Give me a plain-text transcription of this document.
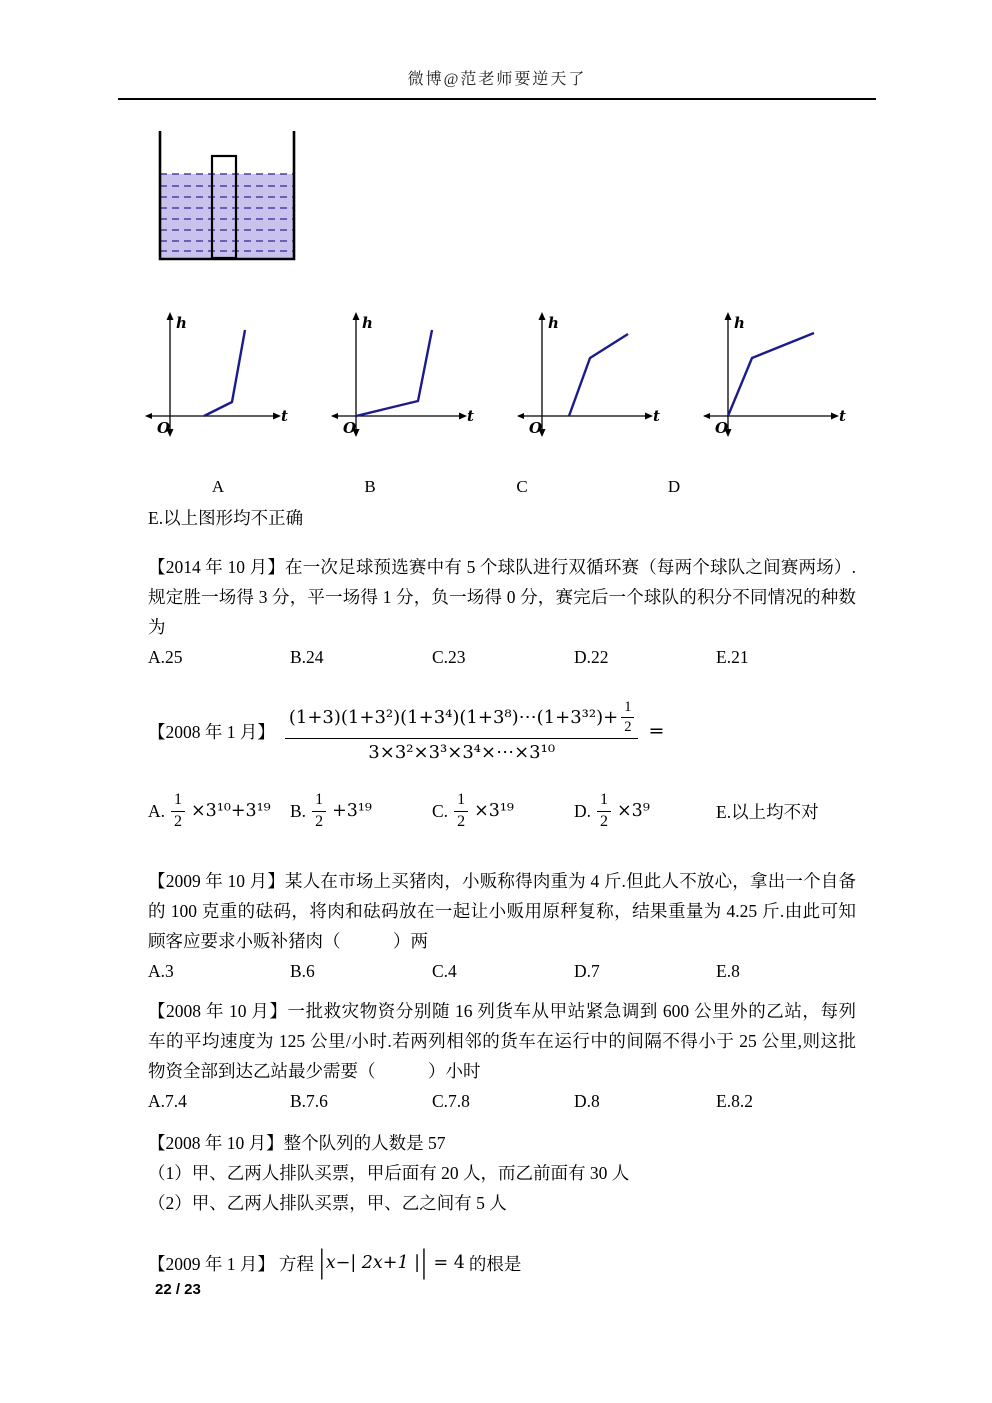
微博@范老师要逆天了
h
t
O
h
t
O
h
t
O
h
t
O
A	B	C	D
E.以上图形均不正确
【2014 年 10 月】在一次足球预选赛中有 5 个球队进行双循环赛（每两个球队之间赛两场）.
规定胜一场得 3 分，平一场得 1 分，负一场得 0 分，赛完后一个球队的积分不同情况的种数
为
A.25	B.24	C.23	D.22	E.21
【2008 年 1 月】
(1+3)(1+3²)(1+3⁴)(1+3⁸)⋯(1+3³²)+ $\frac{1}{2}$
3×3²×3³×3⁴×⋯×3¹⁰
=
A. $\frac{1}{2} \times 3^{10}+3^{19}$ B.
1
2 +3¹⁹	C. $\frac{1}{2} \times 3^{19}$	D. $\frac{1}{2} \times 3^9$	E.以上均不对
【2009 年 10 月】某人在市场上买猪肉，小贩称得肉重为 4 斤.但此人不放心，拿出一个自备
的 100 克重的砝码，将肉和砝码放在一起让小贩用原秤复称，结果重量为 4.25 斤.由此可知
顾客应要求小贩补猪肉（　　　）两
A.3	B.6	C.4	D.7	E.8
【2008 年 10 月】一批救灾物资分别随 16 列货车从甲站紧急调到 600 公里外的乙站，每列
车的平均速度为 125 公里/小时.若两列相邻的货车在运行中的间隔不得小于 25 公里,则这批
物资全部到达乙站最少需要（　　　）小时
A.7.4	B.7.6	C.7.8	D.8	E.8.2
【2008 年 10 月】整个队列的人数是 57
（1）甲、乙两人排队买票，甲后面有 20 人，而乙前面有 30 人
（2）甲、乙两人排队买票，甲、乙之间有 5 人
【2009 年 1 月】 方程 |x−| 2x+1 || = 4 的根是
22 / 23
